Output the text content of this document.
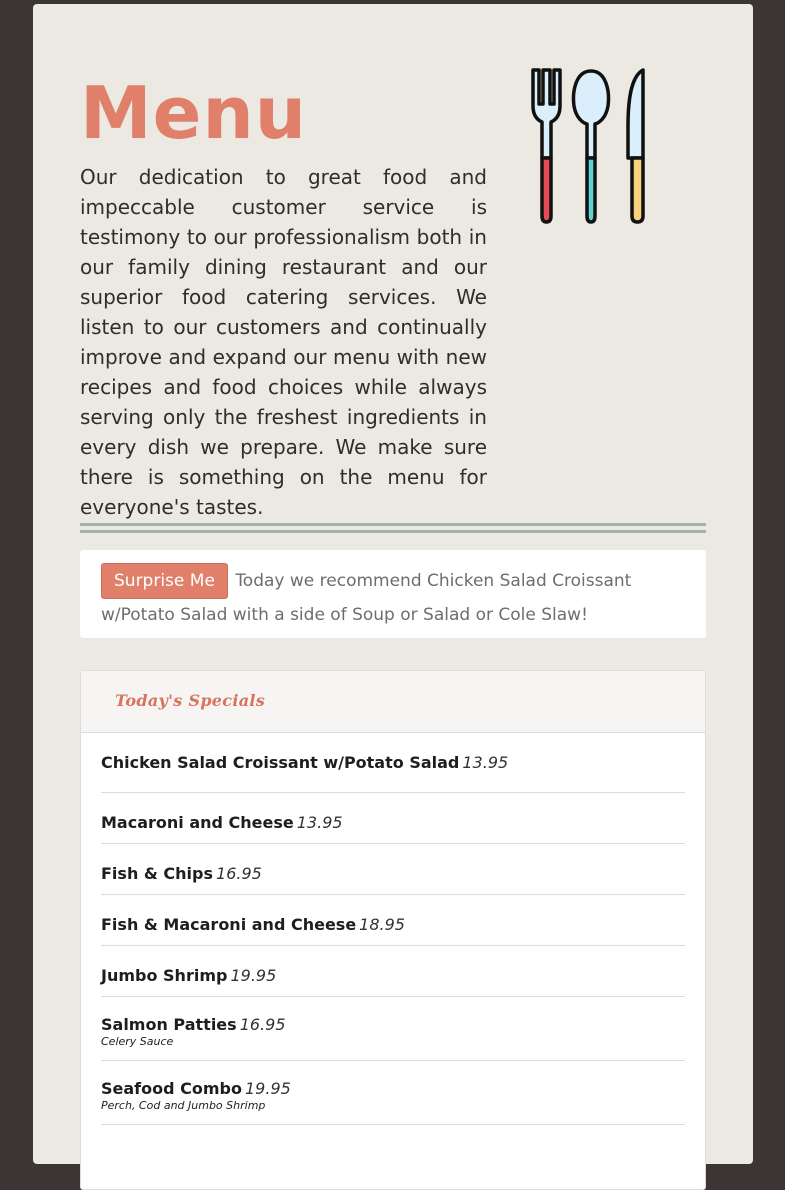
Menu

Our dedication to great food and impeccable customer service is testimony to our professionalism both in our family dining restaurant and our superior food catering services. We listen to our customers and continually improve and expand our menu with new recipes and food choices while always serving only the freshest ingredients in every dish we prepare. We make sure there is something on the menu for everyone's tastes.

Surprise Me Today we recommend Chicken Salad Croissant w/Potato Salad with a side of Soup or Salad or Cole Slaw!
Today's Specials
Chicken Salad Croissant w/Potato Salad 13.95
Macaroni and Cheese 13.95
Fish & Chips 16.95
Fish & Macaroni and Cheese 18.95
Jumbo Shrimp 19.95
Salmon Patties 16.95
Celery Sauce
Seafood Combo 19.95
Perch, Cod and Jumbo Shrimp
